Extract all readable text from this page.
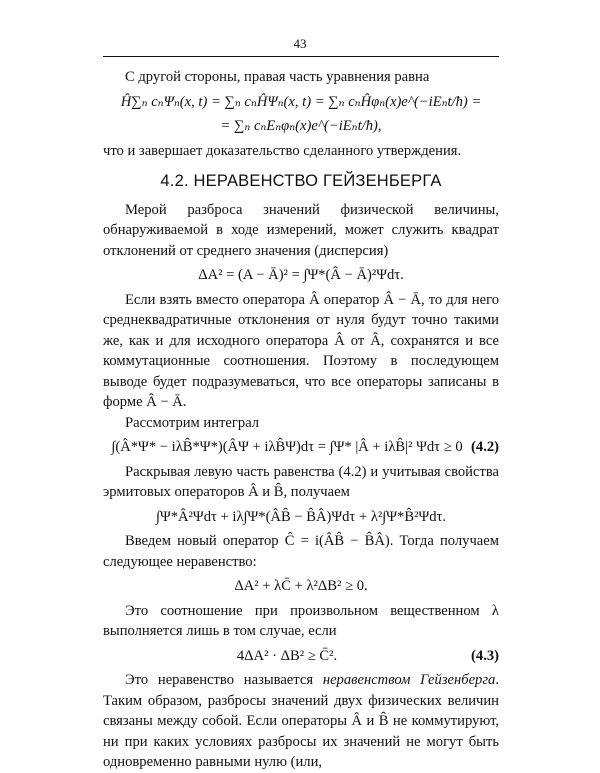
43

С другой стороны, правая часть уравнения равна

Ĥ∑ₙ cₙΨₙ(x, t) = ∑ₙ cₙĤΨₙ(x, t) = ∑ₙ cₙĤφₙ(x)e^(−iEₙt/ħ) =
= ∑ₙ cₙEₙφₙ(x)e^(−iEₙt/ħ),

что и завершает доказательство сделанного утверждения.

4.2. НЕРАВЕНСТВО ГЕЙЗЕНБЕРГА

Мерой разброса значений физической величины, обнаруживаемой в ходе измерений, может служить квадрат отклонений от среднего значения (дисперсия)

ΔA² = (A − Ā)² = ∫Ψ*(Â − Ā)²Ψdτ.

Если взять вместо оператора Â оператор Â − Ā, то для него среднеквадратичные отклонения от нуля будут точно такими же, как и для исходного оператора Â от Â, сохранятся и все коммутационные соотношения. Поэтому в последующем выводе будет подразумеваться, что все операторы записаны в форме Â − Ā.

Рассмотрим интеграл

∫(Â*Ψ* − iλB̂*Ψ*)(ÂΨ + iλB̂Ψ)dτ = ∫Ψ* |Â + iλB̂|² Ψdτ ≥ 0 (4.2)

Раскрывая левую часть равенства (4.2) и учитывая свойства эрмитовых операторов Â и B̂, получаем

∫Ψ*Â²Ψdτ + iλ∫Ψ*(ÂB̂ − B̂Â)Ψdτ + λ²∫Ψ*B̂²Ψdτ.

Введем новый оператор Ĉ = i(ÂB̂ − B̂Â). Тогда получаем следующее неравенство:

ΔA² + λC̄ + λ²ΔB² ≥ 0.

Это соотношение при произвольном вещественном λ выполняется лишь в том случае, если

4ΔA² · ΔB² ≥ C̄².	(4.3)

Это неравенство называется неравенством Гейзенберга. Таким образом, разбросы значений двух физических величин связаны между собой. Если операторы Â и B̂ не коммутируют, ни при каких условиях разбросы их значений не могут быть одновременно равными нулю (или,
